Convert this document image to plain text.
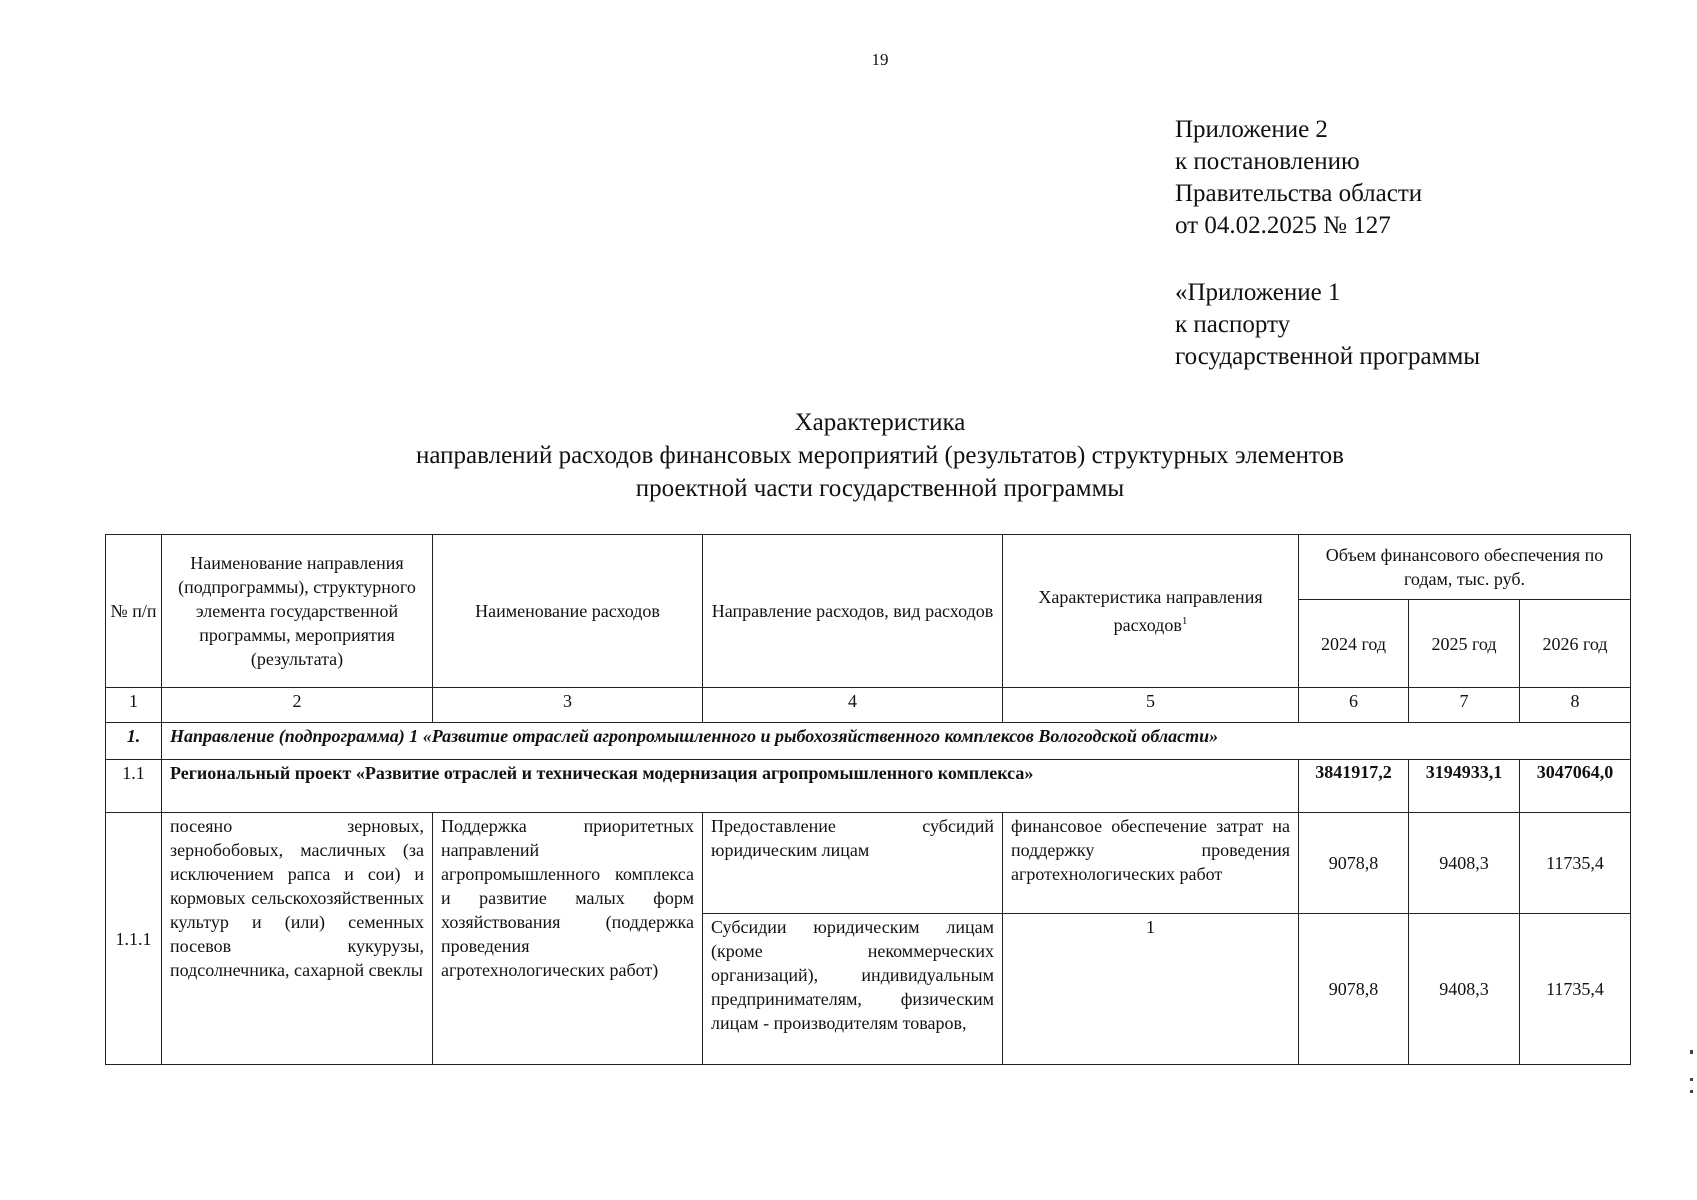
19
Приложение 2
к постановлению
Правительства области
от 04.02.2025 № 127
«Приложение 1
к паспорту
государственной программы
Характеристика
направлений расходов финансовых мероприятий (результатов) структурных элементов
проектной части государственной программы
№ п/п	Наименование направления (подпрограммы), структурного элемента государственной программы, мероприятия (результата)	Наименование расходов	Направление расходов, вид расходов	Характеристика направления расходов$^1$	Объем финансового обеспечения по годам, тыс. руб.		
					2024 год	2025 год	2026 год
1	2	3	4	5	6	7	8
1.	Направление (подпрограмма) 1 «Развитие отраслей агропромышленного и рыбохозяйственного комплексов Вологодской области»						
1.1	Региональный проект «Развитие отраслей и техническая модернизация агропромышленного комплекса»				3841917,2	3194933,1	3047064,0
1.1.1	посеяно зерновых, зернобобовых, масличных (за исключением рапса и сои) и кормовых сельскохозяйственных культур и (или) семенных посевов кукурузы, подсолнечника, сахарной свеклы	Поддержка приоритетных направлений агропромышленного комплекса и развитие малых форм хозяйствования (поддержка проведения агротехнологических работ)	Предоставление субсидий юридическим лицам	финансовое обеспечение затрат на поддержку проведения агротехнологических работ	9078,8	9408,3	11735,4
			Субсидии юридическим лицам (кроме некоммерческих организаций), индивидуальным предпринимателям, физическим лицам - производителям товаров,	1	9078,8	9408,3	11735,4
